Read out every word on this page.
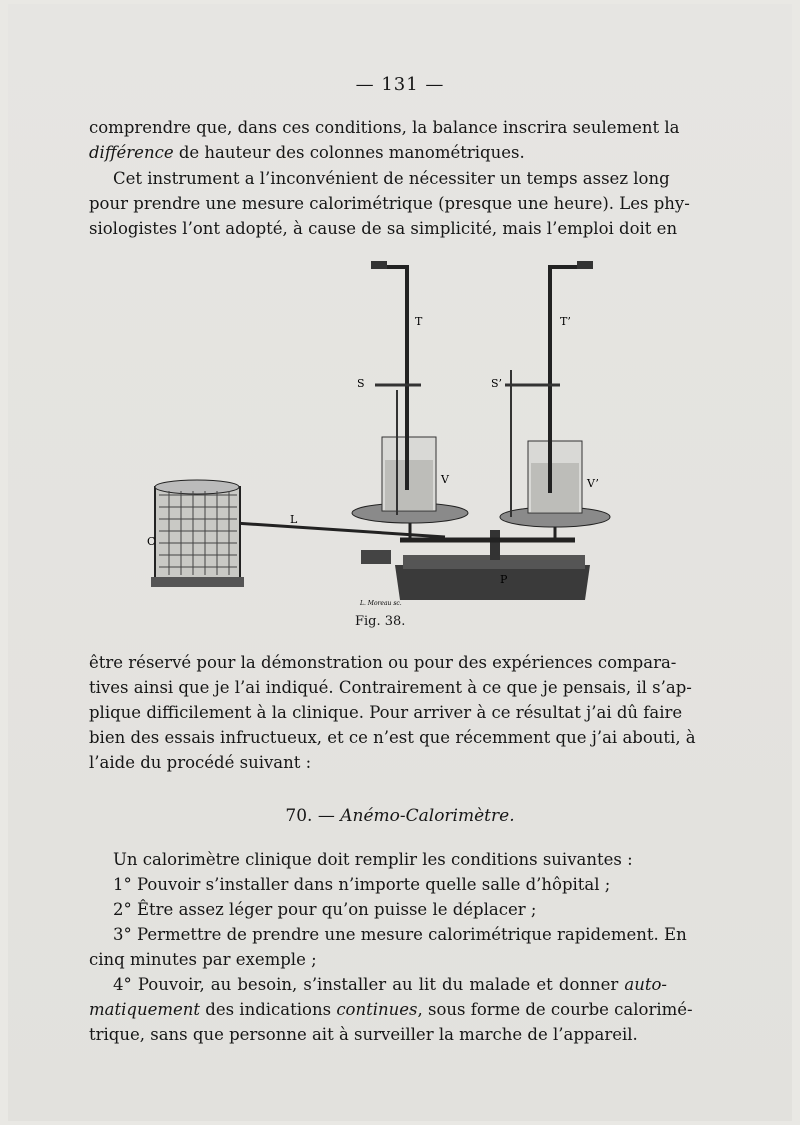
— 131 —
comprendre que, dans ces conditions, la balance inscrira seulement la
différence de hauteur des colonnes manométriques.
Cet instrument a l’inconvénient de nécessiter un temps assez long
pour prendre une mesure calorimétrique (presque une heure). Les phy-
siologistes l’ont adopté, à cause de sa simplicité, mais l’emploi doit en
T	T’
S	S’
V	V’
L
C
P
L. Moreau sc.
Fig. 38.
être réservé pour la démonstration ou pour des expériences compara-
tives ainsi que je l’ai indiqué. Contrairement à ce que je pensais, il s’ap-
plique difficilement à la clinique. Pour arriver à ce résultat j’ai dû faire
bien des essais infructueux, et ce n’est que récemment que j’ai abouti, à
l’aide du procédé suivant :
70. — Anémo-Calorimètre.
Un calorimètre clinique doit remplir les conditions suivantes :
1° Pouvoir s’installer dans n’importe quelle salle d’hôpital ;
2° Être assez léger pour qu’on puisse le déplacer ;
3° Permettre de prendre une mesure calorimétrique rapidement. En
cinq minutes par exemple ;
4° Pouvoir, au besoin, s’installer au lit du malade et donner auto-
matiquement des indications continues, sous forme de courbe calorimé-
trique, sans que personne ait à surveiller la marche de l’appareil.
